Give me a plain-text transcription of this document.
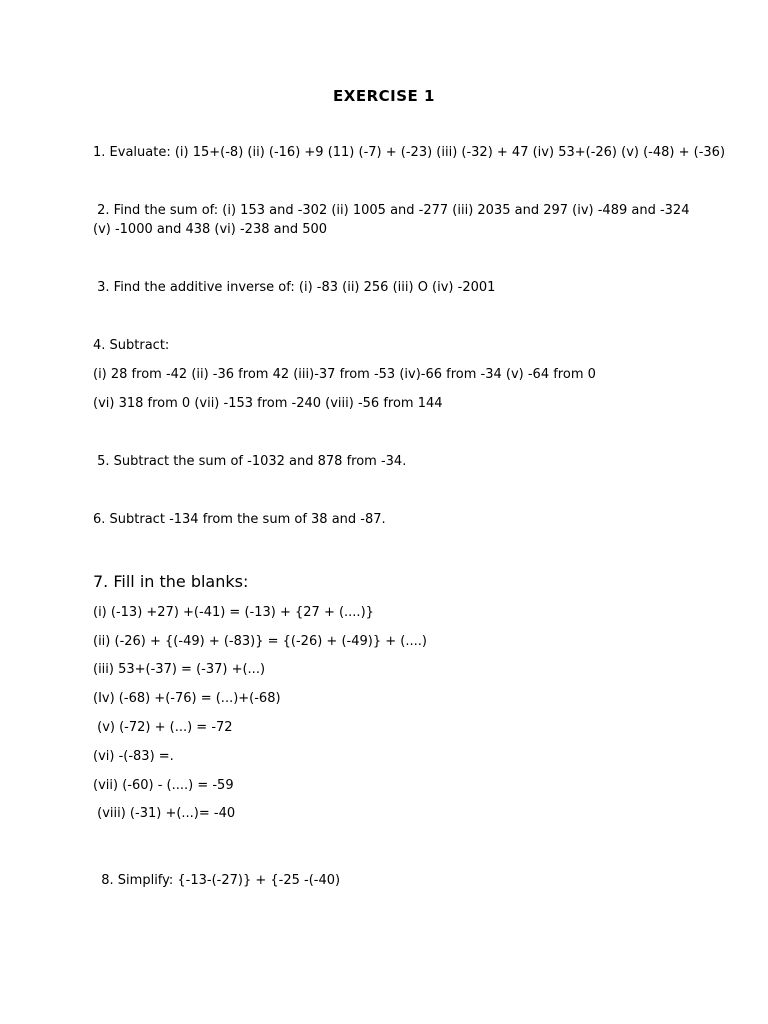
EXERCISE 1
1. Evaluate: (i) 15+(-8) (ii) (-16) +9 (11) (-7) + (-23) (iii) (-32) + 47 (iv) 53+(-26) (v) (-48) + (-36)
2. Find the sum of: (i) 153 and -302 (ii) 1005 and -277 (iii) 2035 and 297 (iv) -489 and -324
(v) -1000 and 438 (vi) -238 and 500
3. Find the additive inverse of: (i) -83 (ii) 256 (iii) O (iv) -2001
4. Subtract:
(i) 28 from -42 (ii) -36 from 42 (iii)-37 from -53 (iv)-66 from -34 (v) -64 from 0
(vi) 318 from 0 (vii) -153 from -240 (viii) -56 from 144
5. Subtract the sum of -1032 and 878 from -34.
6. Subtract -134 from the sum of 38 and -87.
7. Fill in the blanks:
(i) (-13) +27) +(-41) = (-13) + {27 + (....)}
(ii) (-26) + {(-49) + (-83)} = {(-26) + (-49)} + (....)
(iii) 53+(-37) = (-37) +(...)
(Iv) (-68) +(-76) = (...)+(-68)
(v) (-72) + (...) = -72
(vi) -(-83) =.
(vii) (-60) - (....) = -59
(viii) (-31) +(...)= -40
8. Simplify: {-13-(-27)} + {-25 -(-40)
